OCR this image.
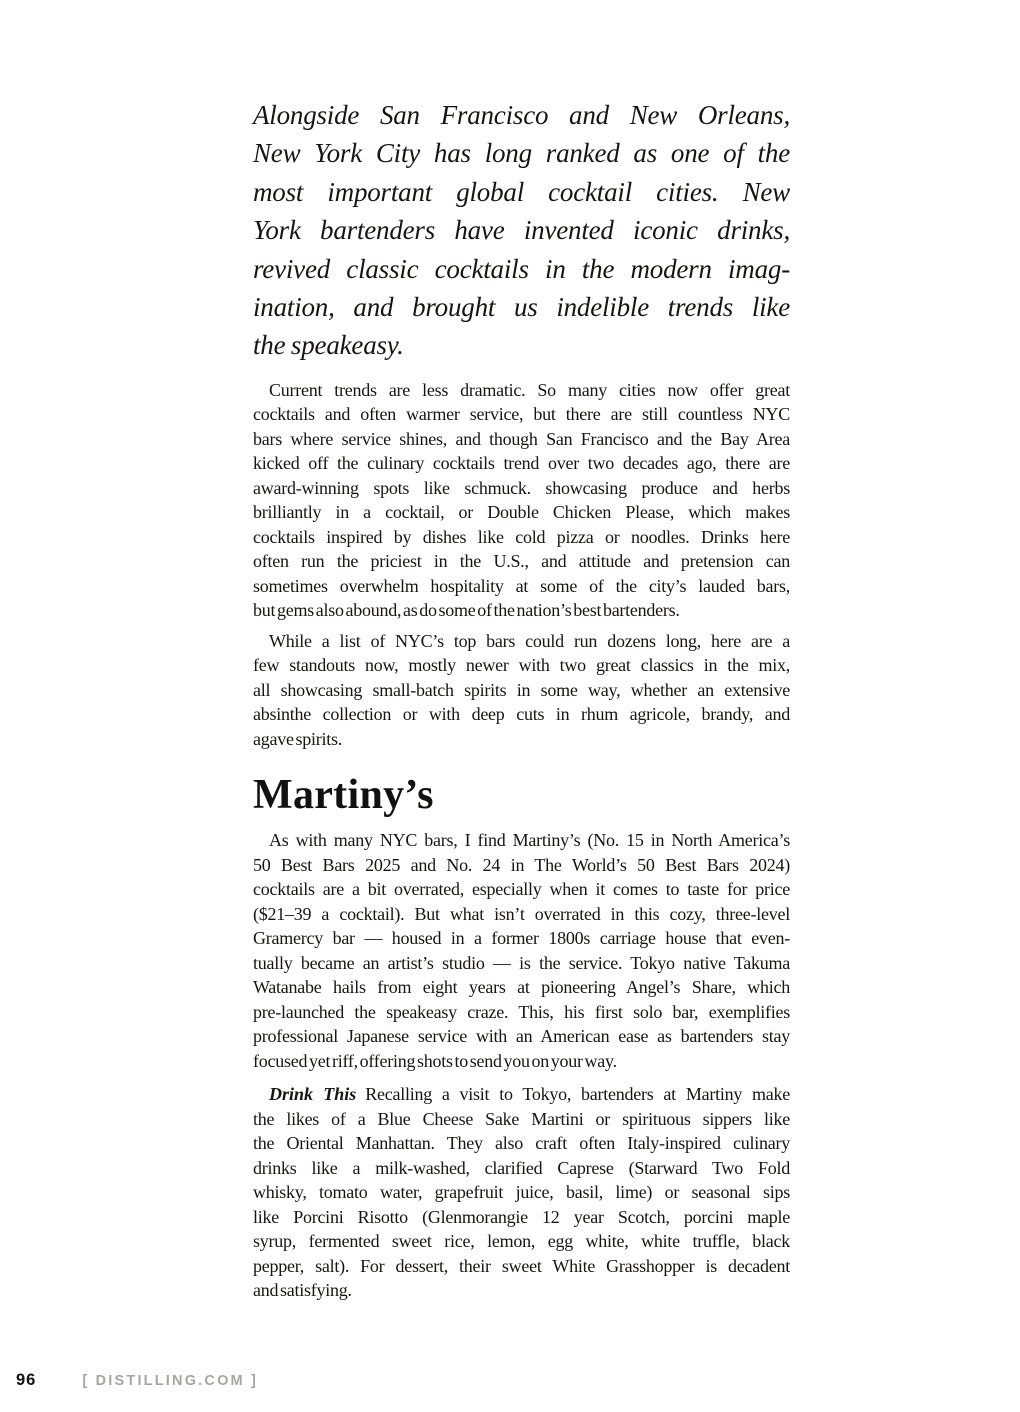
Alongside San Francisco and New Orleans,
New York City has long ranked as one of the
most important global cocktail cities. New
York bartenders have invented iconic drinks,
revived classic cocktails in the modern imag-
ination, and brought us indelible trends like
the speakeasy.
Current trends are less dramatic. So many cities now offer great
cocktails and often warmer service, but there are still countless NYC
bars where service shines, and though San Francisco and the Bay Area
kicked off the culinary cocktails trend over two decades ago, there are
award-winning spots like schmuck. showcasing produce and herbs
brilliantly in a cocktail, or Double Chicken Please, which makes
cocktails inspired by dishes like cold pizza or noodles. Drinks here
often run the priciest in the U.S., and attitude and pretension can
sometimes overwhelm hospitality at some of the city’s lauded bars,
but gems also abound, as do some of the nation’s best bartenders.
While a list of NYC’s top bars could run dozens long, here are a
few standouts now, mostly newer with two great classics in the mix,
all showcasing small-batch spirits in some way, whether an extensive
absinthe collection or with deep cuts in rhum agricole, brandy, and
agave spirits.
Martiny’s
As with many NYC bars, I find Martiny’s (No. 15 in North America’s
50 Best Bars 2025 and No. 24 in The World’s 50 Best Bars 2024)
cocktails are a bit overrated, especially when it comes to taste for price
($21–39 a cocktail). But what isn’t overrated in this cozy, three-level
Gramercy bar — housed in a former 1800s carriage house that even-
tually became an artist’s studio — is the service. Tokyo native Takuma
Watanabe hails from eight years at pioneering Angel’s Share, which
pre-launched the speakeasy craze. This, his first solo bar, exemplifies
professional Japanese service with an American ease as bartenders stay
focused yet riff, offering shots to send you on your way.
Drink This Recalling a visit to Tokyo, bartenders at Martiny make
the likes of a Blue Cheese Sake Martini or spirituous sippers like
the Oriental Manhattan. They also craft often Italy-inspired culinary
drinks like a milk-washed, clarified Caprese (Starward Two Fold
whisky, tomato water, grapefruit juice, basil, lime) or seasonal sips
like Porcini Risotto (Glenmorangie 12 year Scotch, porcini maple
syrup, fermented sweet rice, lemon, egg white, white truffle, black
pepper, salt). For dessert, their sweet White Grasshopper is decadent
and satisfying.
96	[ DISTILLING.COM ]
